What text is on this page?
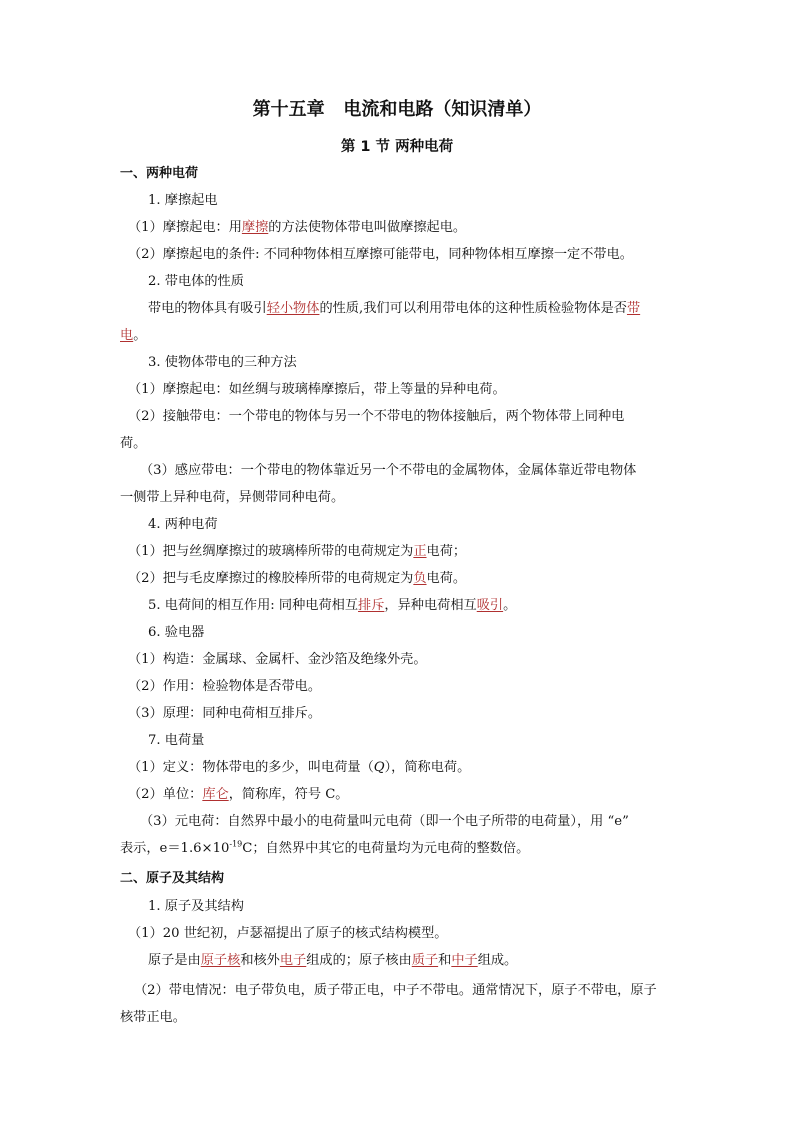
第十五章   电流和电路（知识清单）
第 1 节 两种电荷
一、两种电荷
1. 摩擦起电
（1）摩擦起电：用摩擦的方法使物体带电叫做摩擦起电。
（2）摩擦起电的条件: 不同种物体相互摩擦可能带电，同种物体相互摩擦一定不带电。
2. 带电体的性质
带电的物体具有吸引轻小物体的性质,我们可以利用带电体的这种性质检验物体是否带
电。
3. 使物体带电的三种方法
（1）摩擦起电：如丝绸与玻璃棒摩擦后，带上等量的异种电荷。
（2）接触带电：一个带电的物体与另一个不带电的物体接触后，两个物体带上同种电
荷。
（3）感应带电：一个带电的物体靠近另一个不带电的金属物体，金属体靠近带电物体
一侧带上异种电荷，异侧带同种电荷。
4. 两种电荷
（1）把与丝绸摩擦过的玻璃棒所带的电荷规定为正电荷；
（2）把与毛皮摩擦过的橡胶棒所带的电荷规定为负电荷。
5. 电荷间的相互作用: 同种电荷相互排斥，异种电荷相互吸引。
6. 验电器
（1）构造：金属球、金属杆、金沙箔及绝缘外壳。
（2）作用：检验物体是否带电。
（3）原理：同种电荷相互排斥。
7. 电荷量
（1）定义：物体带电的多少，叫电荷量（Q），简称电荷。
（2）单位：库仑，简称库，符号 C。
（3）元电荷：自然界中最小的电荷量叫元电荷（即一个电子所带的电荷量），用 “e”
表示，$e=1.6\times 10^{-19}C$；自然界中其它的电荷量均为元电荷的整数倍。
二、原子及其结构
1. 原子及其结构
（1）20 世纪初，卢瑟福提出了原子的核式结构模型。
原子是由原子核和核外电子组成的；原子核由质子和中子组成。
（2）带电情况：电子带负电，质子带正电，中子不带电。通常情况下，原子不带电，原子
核带正电。
